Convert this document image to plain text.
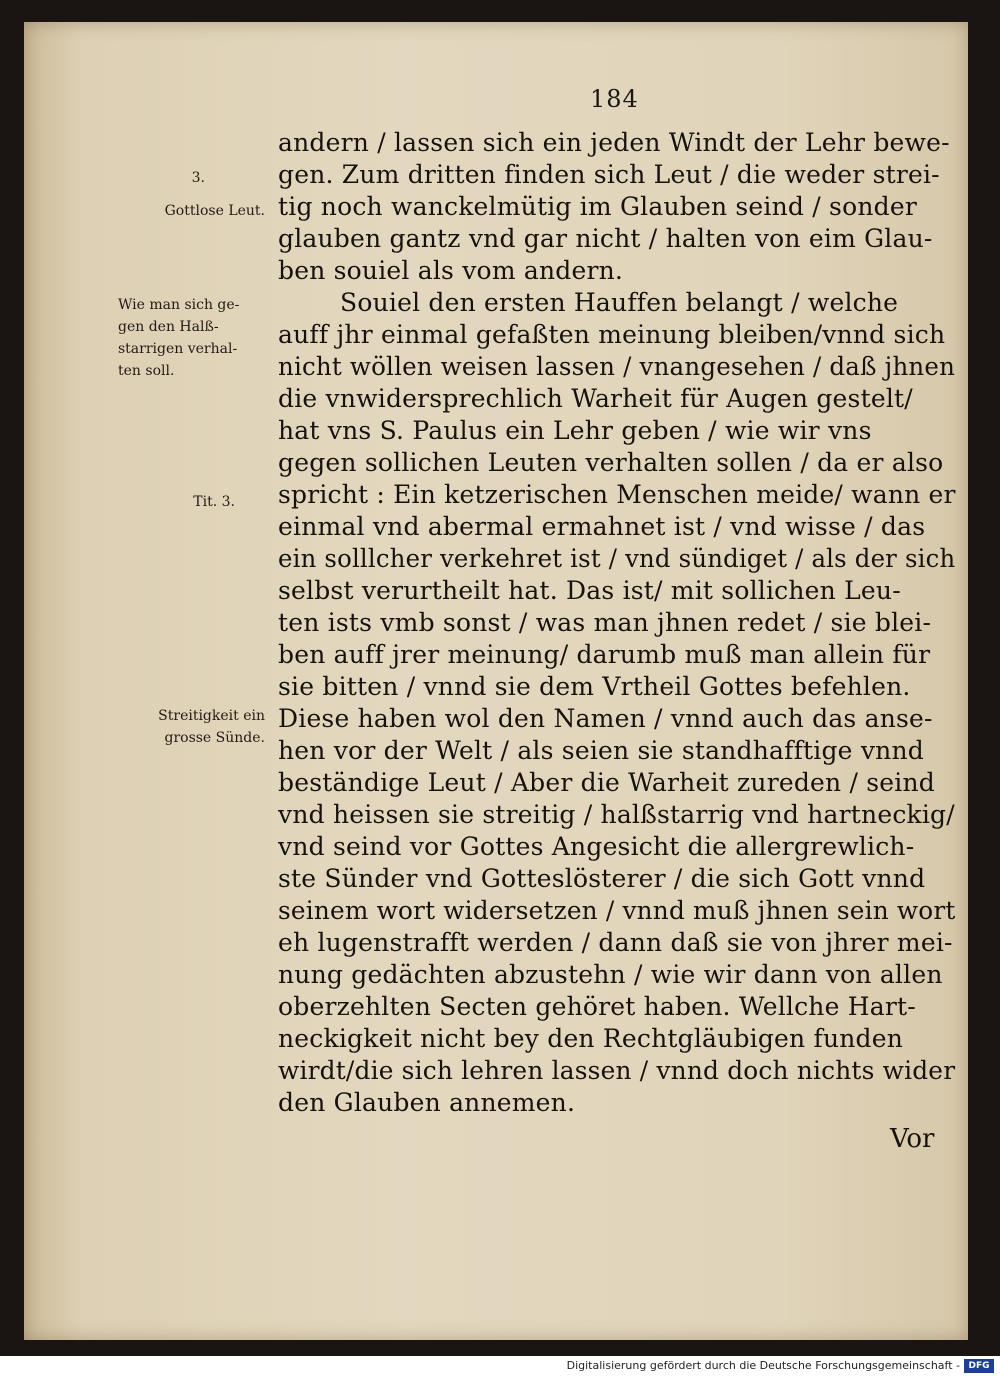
184
3.
Gottlose Leut.
Wie man sich ge-
gen den Halß-
starrigen verhal-
ten soll.
Tit. 3.
Streitigkeit ein
grosse Sünde.
andern / lassen sich ein jeden Windt der Lehr bewe-
gen. Zum dritten finden sich Leut / die weder strei-
tig noch wanckelmütig im Glauben seind / sonder
glauben gantz vnd gar nicht / halten von eim Glau-
ben souiel als vom andern.
Souiel den ersten Hauffen belangt / welche
auff jhr einmal gefaßten meinung bleiben/vnnd sich
nicht wöllen weisen lassen / vnangesehen / daß jhnen
die vnwidersprechlich Warheit für Augen gestelt/
hat vns S. Paulus ein Lehr geben / wie wir vns
gegen sollichen Leuten verhalten sollen / da er also
spricht : Ein ketzerischen Menschen meide/ wann er
einmal vnd abermal ermahnet ist / vnd wisse / das
ein solllcher verkehret ist / vnd sündiget / als der sich
selbst verurtheilt hat. Das ist/ mit sollichen Leu-
ten ists vmb sonst / was man jhnen redet / sie blei-
ben auff jrer meinung/ darumb muß man allein für
sie bitten / vnnd sie dem Vrtheil Gottes befehlen.
Diese haben wol den Namen / vnnd auch das anse-
hen vor der Welt / als seien sie standhafftige vnnd
beständige Leut / Aber die Warheit zureden / seind
vnd heissen sie streitig / halßstarrig vnd hartneckig/
vnd seind vor Gottes Angesicht die allergrewlich-
ste Sünder vnd Gotteslösterer / die sich Gott vnnd
seinem wort widersetzen / vnnd muß jhnen sein wort
eh lugenstrafft werden / dann daß sie von jhrer mei-
nung gedächten abzustehn / wie wir dann von allen
oberzehlten Secten gehöret haben. Wellche Hart-
neckigkeit nicht bey den Rechtgläubigen funden
wirdt/die sich lehren lassen / vnnd doch nichts wider
den Glauben annemen.
Vor
Digitalisierung gefördert durch die Deutsche Forschungsgemeinschaft - DFG
